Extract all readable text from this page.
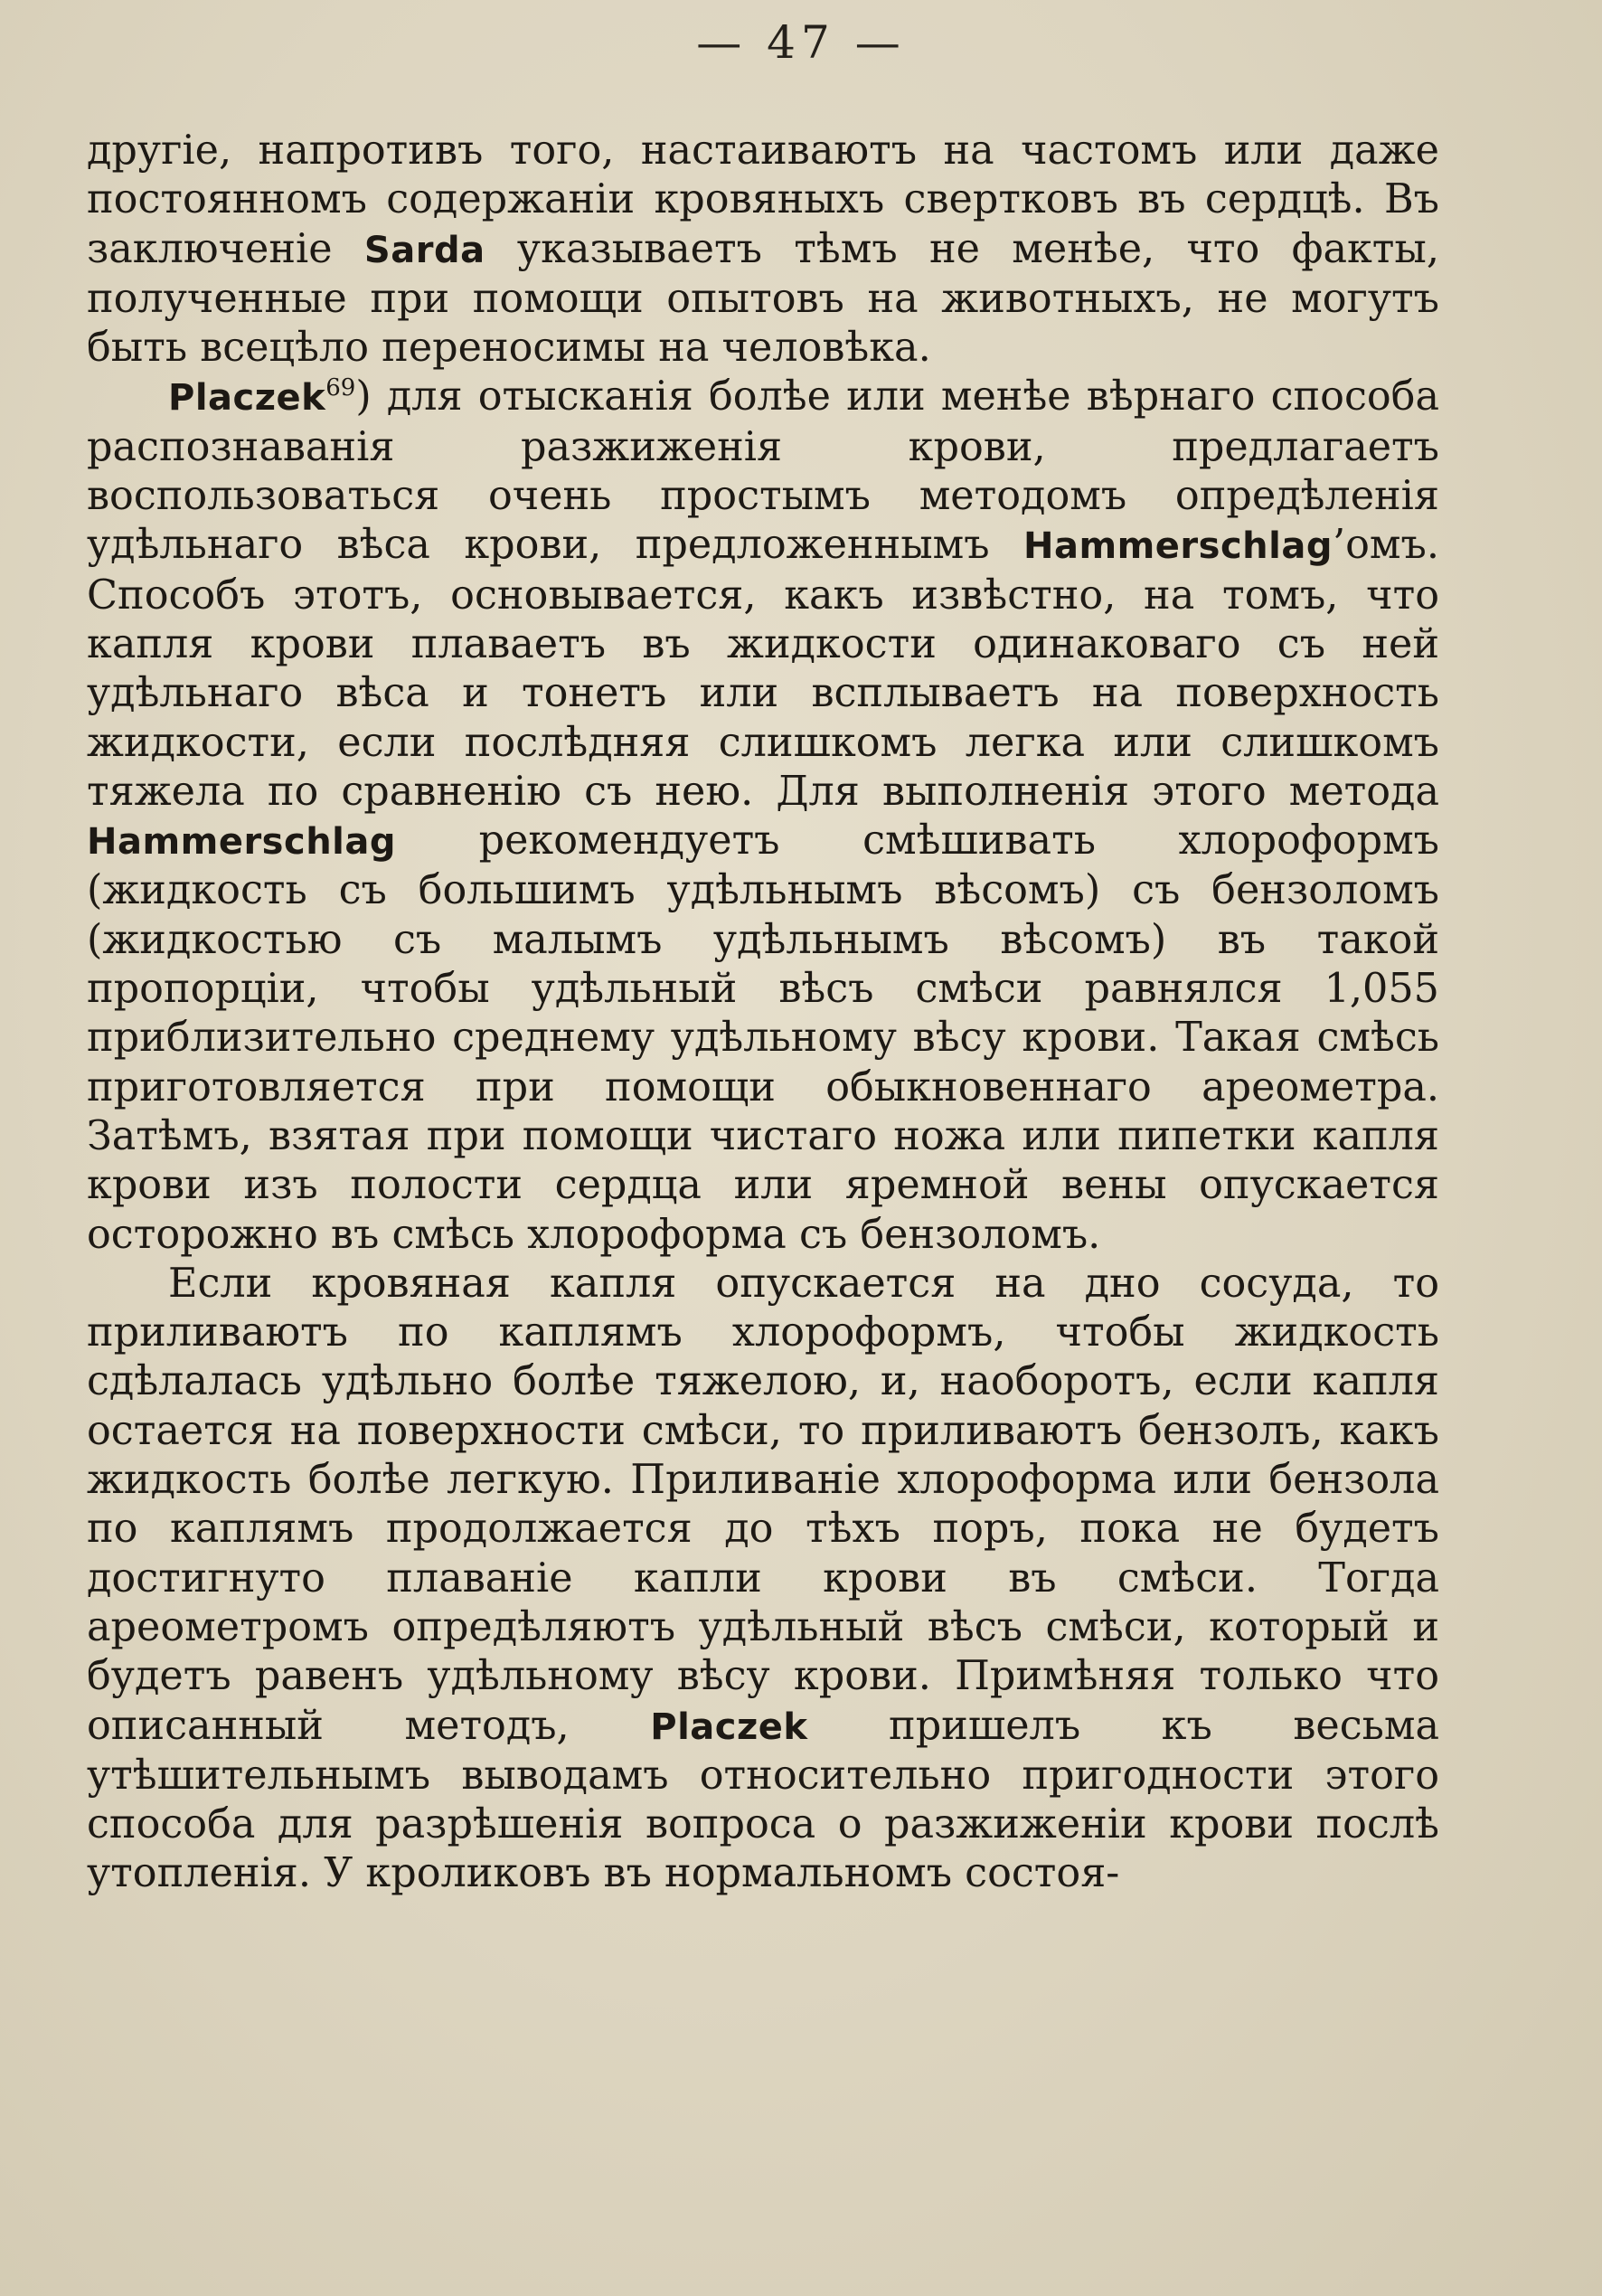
— 47 —

другіе, напротивъ того, настаиваютъ на частомъ или даже постоянномъ содержаніи кровяныхъ свертковъ въ сердцѣ. Въ заключеніе Sarda указываетъ тѣмъ не менѣе, что факты, полученные при помощи опытовъ на животныхъ, не могутъ быть всецѣло переносимы на человѣка.

Placzek$^{69}$) для отысканія болѣе или менѣе вѣрнаго способа распознаванія разжиженія крови, предлагаетъ воспользоваться очень простымъ методомъ опредѣленія удѣльнаго вѣса крови, предложеннымъ Hammerschlag’омъ. Способъ этотъ, основывается, какъ извѣстно, на томъ, что капля крови плаваетъ въ жидкости одинаковаго съ ней удѣльнаго вѣса и тонетъ или всплываетъ на поверхность жидкости, если послѣдняя слишкомъ легка или слишкомъ тяжела по сравненію съ нею. Для выполненія этого метода Hammerschlag рекомендуетъ смѣшивать хлороформъ (жидкость съ большимъ удѣльнымъ вѣсомъ) съ бензоломъ (жидкостью съ малымъ удѣльнымъ вѣсомъ) въ такой пропорціи, чтобы удѣльный вѣсъ смѣси равнялся 1,055 приблизительно среднему удѣльному вѣсу крови. Такая смѣсь приготовляется при помощи обыкновеннаго ареометра. Затѣмъ, взятая при помощи чистаго ножа или пипетки капля крови изъ полости сердца или яремной вены опускается осторожно въ смѣсь хлороформа съ бензоломъ.

Если кровяная капля опускается на дно сосуда, то приливаютъ по каплямъ хлороформъ, чтобы жидкость сдѣлалась удѣльно болѣе тяжелою, и, наоборотъ, если капля остается на поверхности смѣси, то приливаютъ бензолъ, какъ жидкость болѣе легкую. Приливаніе хлороформа или бензола по каплямъ продолжается до тѣхъ поръ, пока не будетъ достигнуто плаваніе капли крови въ смѣси. Тогда ареометромъ опредѣляютъ удѣльный вѣсъ смѣси, который и будетъ равенъ удѣльному вѣсу крови. Примѣняя только что описанный методъ, Placzek пришелъ къ весьма утѣшительнымъ выводамъ относительно пригодности этого способа для разрѣшенія вопроса о разжиженіи крови послѣ утопленія. У кроликовъ въ нормальномъ состоя-
